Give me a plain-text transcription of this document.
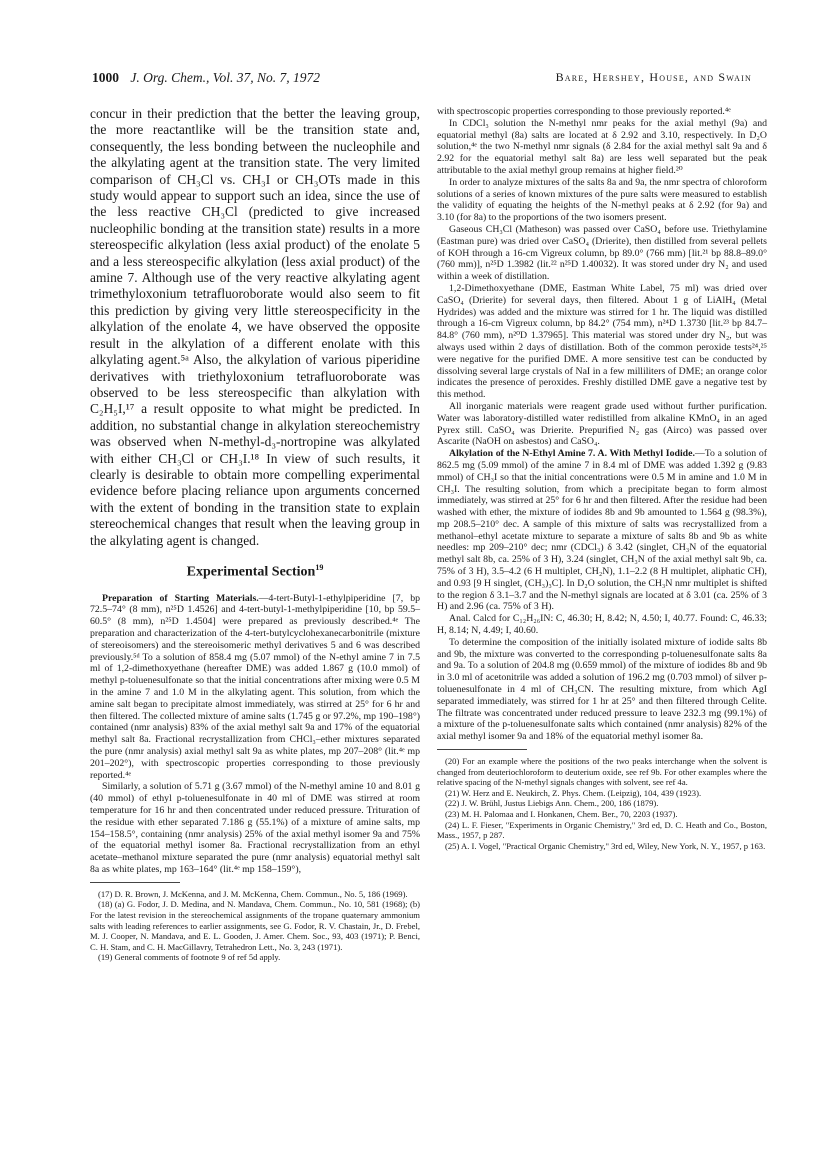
1000 J. Org. Chem., Vol. 37, No. 7, 1972	Bare, Hershey, House, and Swain

concur in their prediction that the better the leaving group, the more reactantlike will be the transition state and, consequently, the less bonding between the nucleophile and the alkylating agent at the transition state. The very limited comparison of CH₃Cl vs. CH₃I or CH₃OTs made in this study would appear to support such an idea, since the use of the less reactive CH₃Cl (predicted to give increased nucleophilic bonding at the transition state) results in a more stereospecific alkylation (less axial product) of the enolate 5 and a less stereospecific alkylation (less axial product) of the amine 7. Although use of the very reactive alkylating agent trimethyloxonium tetrafluoroborate would also seem to fit this prediction by giving very little stereospecificity in the alkylation of the enolate 4, we have observed the opposite result in the alkylation of a different enolate with this alkylating agent.⁵ᵃ Also, the alkylation of various piperidine derivatives with triethyloxonium tetrafluoroborate was observed to be less stereospecific than alkylation with C₂H₅I,¹⁷ a result opposite to what might be predicted. In addition, no substantial change in alkylation stereochemistry was observed when N-methyl-d₃-nortropine was alkylated with either CH₃Cl or CH₃I.¹⁸ In view of such results, it clearly is desirable to obtain more compelling experimental evidence before placing reliance upon arguments concerned with the extent of bonding in the transition state to explain stereochemical changes that result when the leaving group in the alkylating agent is changed.

Experimental Section$^{19}$

Preparation of Starting Materials.—4-tert-Butyl-1-ethylpiperidine [7, bp 72.5–74° (8 mm), n²⁵D 1.4526] and 4-tert-butyl-1-methylpiperidine [10, bp 59.5–60.5° (8 mm), n²⁵D 1.4504] were prepared as previously described.⁴ᵉ The preparation and characterization of the 4-tert-butylcyclohexanecarbonitrile (mixture of stereoisomers) and the stereoisomeric methyl derivatives 5 and 6 was described previously.⁵ᵈ To a solution of 858.4 mg (5.07 mmol) of the N-ethyl amine 7 in 7.5 ml of 1,2-dimethoxyethane (hereafter DME) was added 1.867 g (10.0 mmol) of methyl p-toluenesulfonate so that the initial concentrations after mixing were 0.5 M in the amine 7 and 1.0 M in the alkylating agent. This solution, from which the amine salt began to precipitate almost immediately, was stirred at 25° for 6 hr and then filtered. The collected mixture of amine salts (1.745 g or 97.2%, mp 190–198°) contained (nmr analysis) 83% of the axial methyl salt 9a and 17% of the equatorial methyl salt 8a. Fractional recrystallization from CHCl₃–ether mixtures separated the pure (nmr analysis) axial methyl salt 9a as white plates, mp 207–208° (lit.⁴ᵉ mp 201–202°), with spectroscopic properties corresponding to those previously reported.⁴ᵉ

Similarly, a solution of 5.71 g (3.67 mmol) of the N-methyl amine 10 and 8.01 g (40 mmol) of ethyl p-toluenesulfonate in 40 ml of DME was stirred at room temperature for 16 hr and then concentrated under reduced pressure. Trituration of the residue with ether separated 7.186 g (55.1%) of a mixture of amine salts, mp 154–158.5°, containing (nmr analysis) 25% of the axial methyl isomer 9a and 75% of the equatorial methyl isomer 8a. Fractional recrystallization from an ethyl acetate–methanol mixture separated the pure (nmr analysis) equatorial methyl salt 8a as white plates, mp 163–164° (lit.⁴ᵉ mp 158–159°),

(17) D. R. Brown, J. McKenna, and J. M. McKenna, Chem. Commun., No. 5, 186 (1969).

(18) (a) G. Fodor, J. D. Medina, and N. Mandava, Chem. Commun., No. 10, 581 (1968); (b) For the latest revision in the stereochemical assignments of the tropane quaternary ammonium salts with leading references to earlier assignments, see G. Fodor, R. V. Chastain, Jr., D. Frebel, M. J. Cooper, N. Mandava, and E. L. Gooden, J. Amer. Chem. Soc., 93, 403 (1971); P. Benci, C. H. Stam, and C. H. MacGillavry, Tetrahedron Lett., No. 3, 243 (1971).

(19) General comments of footnote 9 of ref 5d apply.

with spectroscopic properties corresponding to those previously reported.⁴ᵉ

In CDCl₃ solution the N-methyl nmr peaks for the axial methyl (9a) and equatorial methyl (8a) salts are located at δ 2.92 and 3.10, respectively. In D₂O solution,⁴ᵉ the two N-methyl nmr signals (δ 2.84 for the axial methyl salt 9a and δ 2.92 for the equatorial methyl salt 8a) are less well separated but the peak attributable to the axial methyl group remains at higher field.²⁰

In order to analyze mixtures of the salts 8a and 9a, the nmr spectra of chloroform solutions of a series of known mixtures of the pure salts were measured to establish the validity of equating the heights of the N-methyl peaks at δ 2.92 (for 9a) and 3.10 (for 8a) to the proportions of the two isomers present.

Gaseous CH₃Cl (Matheson) was passed over CaSO₄ before use. Triethylamine (Eastman pure) was dried over CaSO₄ (Drierite), then distilled from several pellets of KOH through a 16-cm Vigreux column, bp 89.0° (766 mm) [lit.²¹ bp 88.8–89.0° (760 mm)], n²⁵D 1.3982 (lit.²² n²⁵D 1.40032). It was stored under dry N₂ and used within a week of distillation.

1,2-Dimethoxyethane (DME, Eastman White Label, 75 ml) was dried over CaSO₄ (Drierite) for several days, then filtered. About 1 g of LiAlH₄ (Metal Hydrides) was added and the mixture was stirred for 1 hr. The liquid was distilled through a 16-cm Vigreux column, bp 84.2° (754 mm), n²⁴D 1.3730 [lit.²³ bp 84.7–84.8° (760 mm), n²⁰D 1.37965]. This material was stored under dry N₂, but was always used within 2 days of distillation. Both of the common peroxide tests²⁴,²⁵ were negative for the purified DME. A more sensitive test can be conducted by dissolving several large crystals of NaI in a few milliliters of DME; an orange color indicates the presence of peroxides. Freshly distilled DME gave a negative test by this method.

All inorganic materials were reagent grade used without further purification. Water was laboratory-distilled water redistilled from alkaline KMnO₄ in an aged Pyrex still. CaSO₄ was Drierite. Prepurified N₂ gas (Airco) was passed over Ascarite (NaOH on asbestos) and CaSO₄.

Alkylation of the N-Ethyl Amine 7. A. With Methyl Iodide.—To a solution of 862.5 mg (5.09 mmol) of the amine 7 in 8.4 ml of DME was added 1.392 g (9.83 mmol) of CH₃I so that the initial concentrations were 0.5 M in amine and 1.0 M in CH₃I. The resulting solution, from which a precipitate began to form almost immediately, was stirred at 25° for 6 hr and then filtered. After the residue had been washed with ether, the mixture of iodides 8b and 9b amounted to 1.564 g (98.3%), mp 208.5–210° dec. A sample of this mixture of salts was recrystallized from a methanol–ethyl acetate mixture to separate a mixture of salts 8b and 9b as white needles: mp 209–210° dec; nmr (CDCl₃) δ 3.42 (singlet, CH₃N of the equatorial methyl salt 8b, ca. 25% of 3 H), 3.24 (singlet, CH₃N of the axial methyl salt 9b, ca. 75% of 3 H), 3.5–4.2 (6 H multiplet, CH₂N), 1.1–2.2 (8 H multiplet, aliphatic CH), and 0.93 [9 H singlet, (CH₃)₃C]. In D₂O solution, the CH₃N nmr multiplet is shifted to the region δ 3.1–3.7 and the N-methyl signals are located at δ 3.01 (ca. 25% of 3 H) and 2.96 (ca. 75% of 3 H).

Anal. Calcd for C₁₂H₂₆IN: C, 46.30; H, 8.42; N, 4.50; I, 40.77. Found: C, 46.33; H, 8.14; N, 4.49; I, 40.60.

To determine the composition of the initially isolated mixture of iodide salts 8b and 9b, the mixture was converted to the corresponding p-toluenesulfonate salts 8a and 9a. To a solution of 204.8 mg (0.659 mmol) of the mixture of iodides 8b and 9b in 3.0 ml of acetonitrile was added a solution of 196.2 mg (0.703 mmol) of silver p-toluenesulfonate in 4 ml of CH₃CN. The resulting mixture, from which AgI separated immediately, was stirred for 1 hr at 25° and then filtered through Celite. The filtrate was concentrated under reduced pressure to leave 232.3 mg (99.1%) of a mixture of the p-toluenesulfonate salts which contained (nmr analysis) 82% of the axial methyl isomer 9a and 18% of the equatorial methyl isomer 8a.

(20) For an example where the positions of the two peaks interchange when the solvent is changed from deuteriochloroform to deuterium oxide, see ref 9b. For other examples where the relative spacing of the N-methyl signals changes with solvent, see ref 4a.

(21) W. Herz and E. Neukirch, Z. Phys. Chem. (Leipzig), 104, 439 (1923).

(22) J. W. Brühl, Justus Liebigs Ann. Chem., 200, 186 (1879).

(23) M. H. Palomaa and I. Honkanen, Chem. Ber., 70, 2203 (1937).

(24) L. F. Fieser, "Experiments in Organic Chemistry," 3rd ed, D. C. Heath and Co., Boston, Mass., 1957, p 287.

(25) A. I. Vogel, "Practical Organic Chemistry," 3rd ed, Wiley, New York, N. Y., 1957, p 163.
